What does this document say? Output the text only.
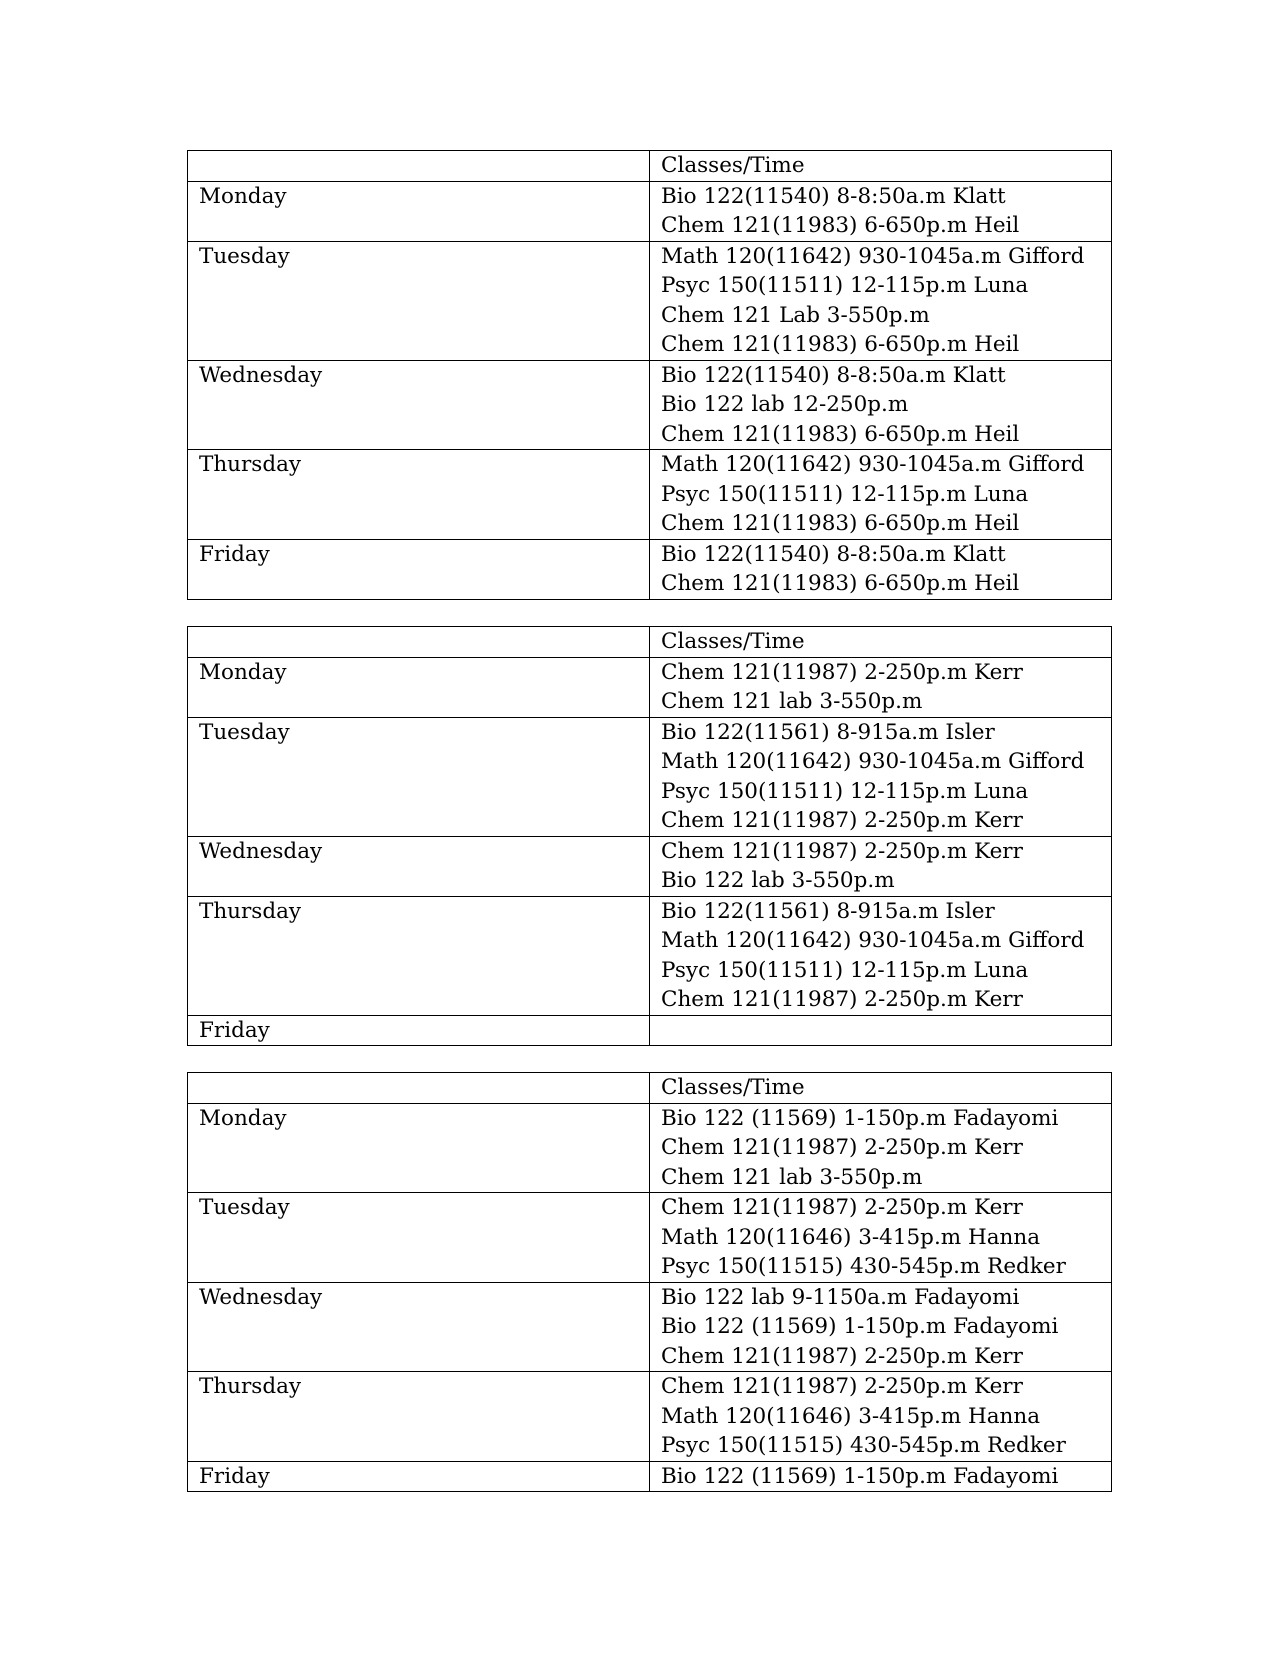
	Classes/Time

Monday	Bio 122(11540) 8-8:50a.m Klatt
Chem 121(11983) 6-650p.m Heil

Tuesday	Math 120(11642) 930-1045a.m Gifford
Psyc 150(11511) 12-115p.m Luna
Chem 121 Lab 3-550p.m
Chem 121(11983) 6-650p.m Heil

Wednesday	Bio 122(11540) 8-8:50a.m Klatt
Bio 122 lab 12-250p.m
Chem 121(11983) 6-650p.m Heil

Thursday	Math 120(11642) 930-1045a.m Gifford
Psyc 150(11511) 12-115p.m Luna
Chem 121(11983) 6-650p.m Heil

Friday	Bio 122(11540) 8-8:50a.m Klatt
Chem 121(11983) 6-650p.m Heil

	Classes/Time

Monday	Chem 121(11987) 2-250p.m Kerr
Chem 121 lab 3-550p.m

Tuesday	Bio 122(11561) 8-915a.m Isler
Math 120(11642) 930-1045a.m Gifford
Psyc 150(11511) 12-115p.m Luna
Chem 121(11987) 2-250p.m Kerr

Wednesday	Chem 121(11987) 2-250p.m Kerr
Bio 122 lab 3-550p.m

Thursday	Bio 122(11561) 8-915a.m Isler
Math 120(11642) 930-1045a.m Gifford
Psyc 150(11511) 12-115p.m Luna
Chem 121(11987) 2-250p.m Kerr

Friday	

	Classes/Time

Monday	Bio 122 (11569) 1-150p.m Fadayomi
Chem 121(11987) 2-250p.m Kerr
Chem 121 lab 3-550p.m

Tuesday	Chem 121(11987) 2-250p.m Kerr
Math 120(11646) 3-415p.m Hanna
Psyc 150(11515) 430-545p.m Redker

Wednesday	Bio 122 lab 9-1150a.m Fadayomi
Bio 122 (11569) 1-150p.m Fadayomi
Chem 121(11987) 2-250p.m Kerr

Thursday	Chem 121(11987) 2-250p.m Kerr
Math 120(11646) 3-415p.m Hanna
Psyc 150(11515) 430-545p.m Redker

Friday	Bio 122 (11569) 1-150p.m Fadayomi
